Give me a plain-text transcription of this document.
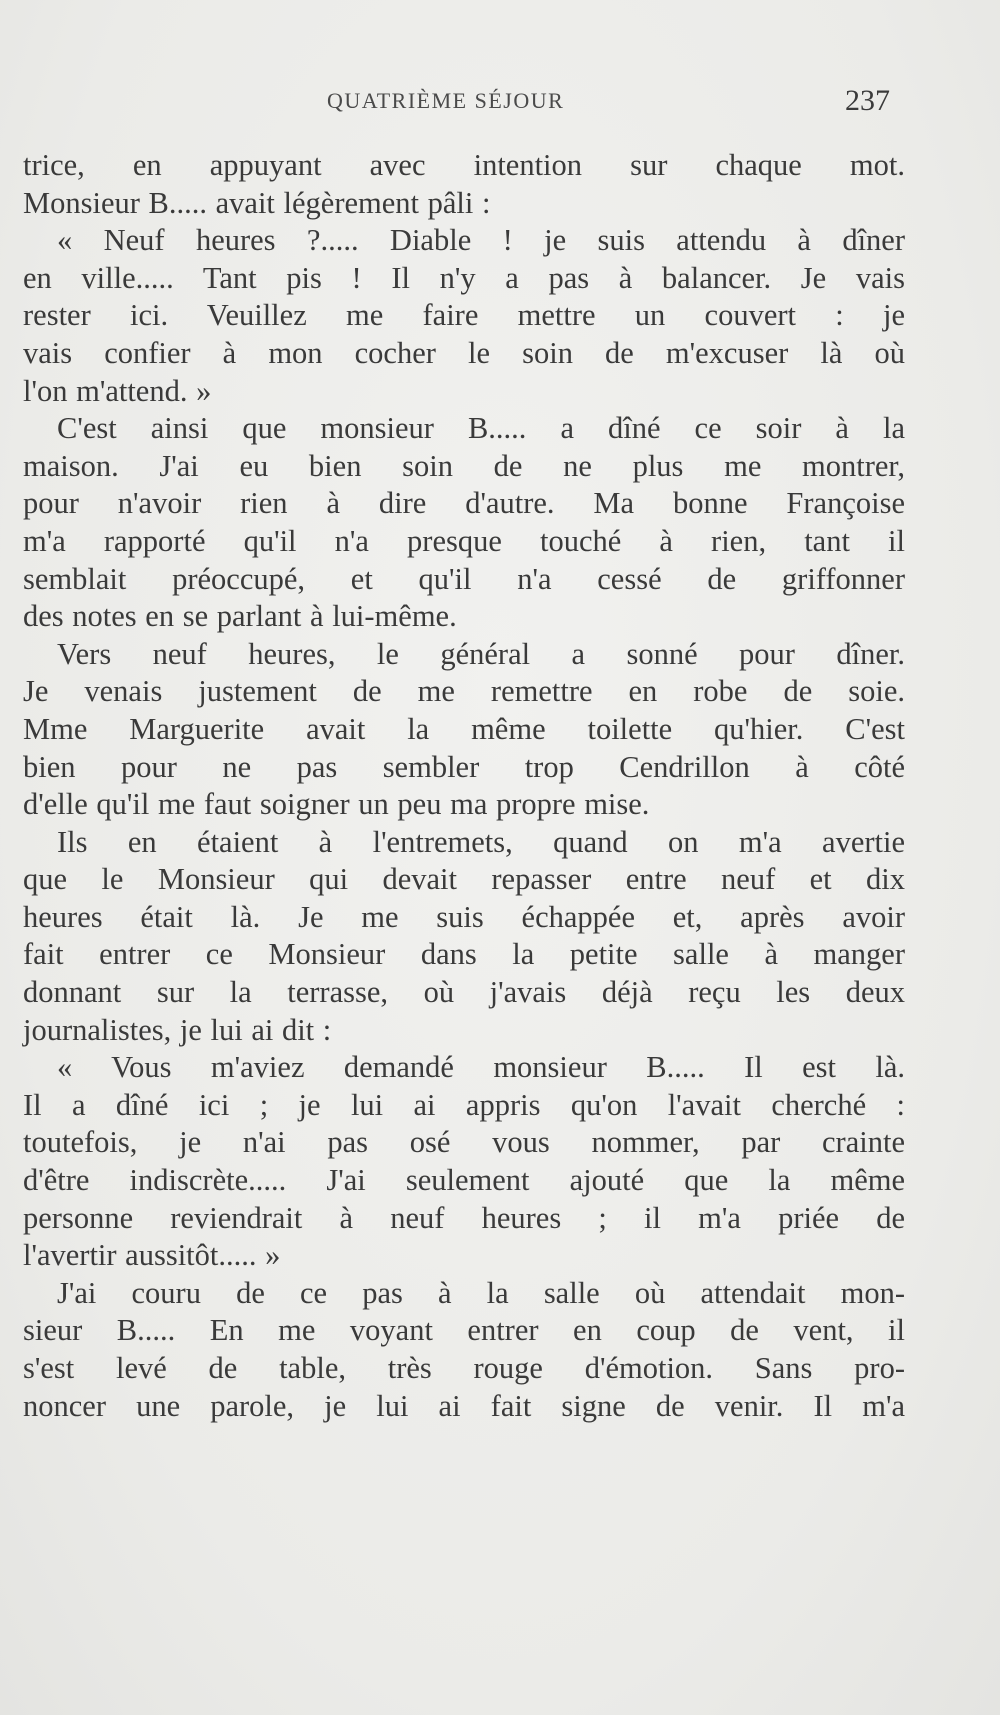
QUATRIÈME SÉJOUR	237
trice, en appuyant avec intention sur chaque mot.
Monsieur B..... avait légèrement pâli :
« Neuf heures ?..... Diable ! je suis attendu à dîner
en ville..... Tant pis ! Il n'y a pas à balancer. Je vais
rester ici. Veuillez me faire mettre un couvert : je
vais confier à mon cocher le soin de m'excuser là où
l'on m'attend. »
C'est ainsi que monsieur B..... a dîné ce soir à la
maison. J'ai eu bien soin de ne plus me montrer,
pour n'avoir rien à dire d'autre. Ma bonne Françoise
m'a rapporté qu'il n'a presque touché à rien, tant il
semblait préoccupé, et qu'il n'a cessé de griffonner
des notes en se parlant à lui-même.
Vers neuf heures, le général a sonné pour dîner.
Je venais justement de me remettre en robe de soie.
Mme Marguerite avait la même toilette qu'hier. C'est
bien pour ne pas sembler trop Cendrillon à côté
d'elle qu'il me faut soigner un peu ma propre mise.
Ils en étaient à l'entremets, quand on m'a avertie
que le Monsieur qui devait repasser entre neuf et dix
heures était là. Je me suis échappée et, après avoir
fait entrer ce Monsieur dans la petite salle à manger
donnant sur la terrasse, où j'avais déjà reçu les deux
journalistes, je lui ai dit :
« Vous m'aviez demandé monsieur B..... Il est là.
Il a dîné ici ; je lui ai appris qu'on l'avait cherché :
toutefois, je n'ai pas osé vous nommer, par crainte
d'être indiscrète..... J'ai seulement ajouté que la même
personne reviendrait à neuf heures ; il m'a priée de
l'avertir aussitôt..... »
J'ai couru de ce pas à la salle où attendait mon-
sieur B..... En me voyant entrer en coup de vent, il
s'est levé de table, très rouge d'émotion. Sans pro-
noncer une parole, je lui ai fait signe de venir. Il m'a
